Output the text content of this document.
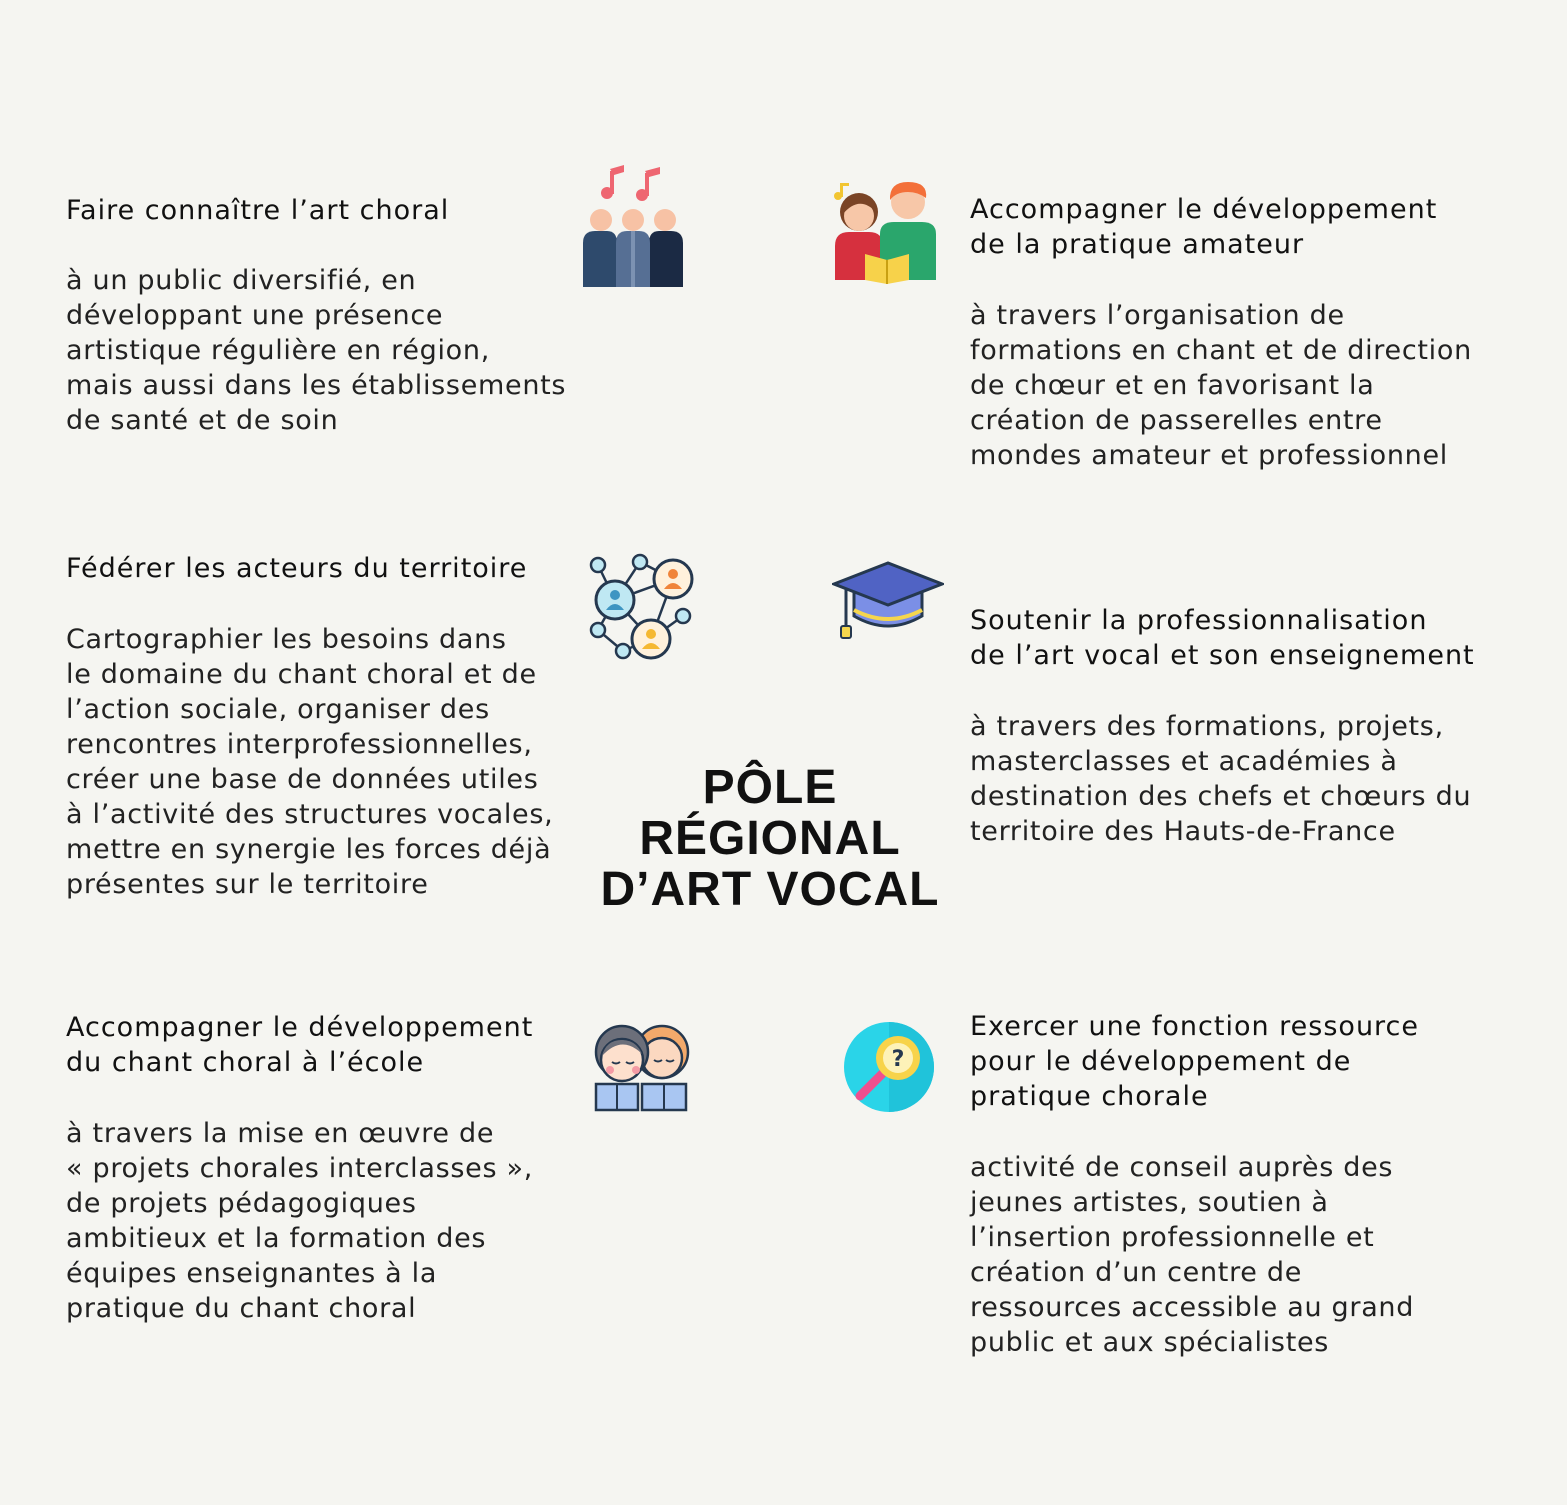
Faire connaître l’art choral

à un public diversifié, en
développant une présence
artistique régulière en région,
mais aussi dans les établissements
de santé et de soin

Accompagner le développement
de la pratique amateur

à travers l’organisation de
formations en chant et de direction
de chœur et en favorisant la
création de passerelles entre
mondes amateur et professionnel

Fédérer les acteurs du territoire

Cartographier les besoins dans
le domaine du chant choral et de
l’action sociale, organiser des
rencontres interprofessionnelles,
créer une base de données utiles
à l’activité des structures vocales,
mettre en synergie les forces déjà
présentes sur le territoire

Soutenir la professionnalisation
de l’art vocal et son enseignement

à travers des formations, projets,
masterclasses et académies à
destination des chefs et chœurs du
territoire des Hauts-de-France

PÔLE
RÉGIONAL
D’ART VOCAL
Accompagner le développement
du chant choral à l’école

à travers la mise en œuvre de
« projets chorales interclasses »,
de projets pédagogiques
ambitieux et la formation des
équipes enseignantes à la
pratique du chant choral

Exercer une fonction ressource
pour le développement de
pratique chorale

activité de conseil auprès des
jeunes artistes, soutien à
l’insertion professionnelle et
création d’un centre de
ressources accessible au grand
public et aux spécialistes

?
